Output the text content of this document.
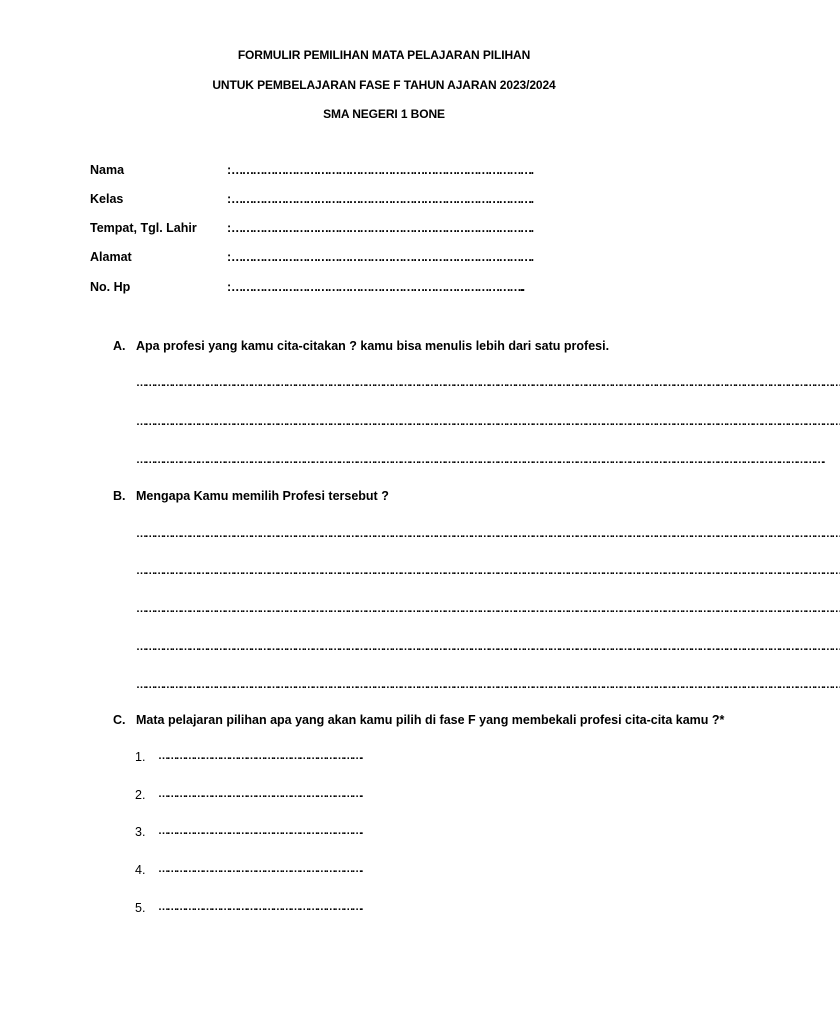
FORMULIR PEMILIHAN MATA PELAJARAN PILIHAN
UNTUK PEMBELAJARAN FASE F TAHUN AJARAN 2023/2024
SMA NEGERI 1 BONE
Nama	: ………………………………………………………………………….
Kelas	: ………………………………………………………………………….
Tempat, Tgl. Lahir : ………………………………………………………………………….
Alamat	: ………………………………………………………………………….
No. Hp	: ………………………………………………………………………..
A. Apa profesi yang kamu cita-citakan ? kamu bisa menulis lebih dari satu profesi.
……………………………………………………………………………………………………………………………………………………………………………………………………………………
……………………………………………………………………………………………………………………………………………………………………………………………………………………
……………………………………………………………………………………………………………………………………………………………………………………………………………….
B. Mengapa Kamu memilih Profesi tersebut ?
……………………………………………………………………………………………………………………………………………………………………………………………………………………
……………………………………………………………………………………………………………………………………………………………………………………………………………………
……………………………………………………………………………………………………………………………………………………………………………………………………………………
……………………………………………………………………………………………………………………………………………………………………………………………………………………
……………………………………………………………………………………………………………………………………………………………………………………………………………………
C. Mata pelajaran pilihan apa yang akan kamu pilih di fase F yang membekali profesi cita-cita kamu ?*
1. …………………………………………………………….
2. …………………………………………………………….
3. …………………………………………………………….
4. …………………………………………………………….
5. …………………………………………………………….
